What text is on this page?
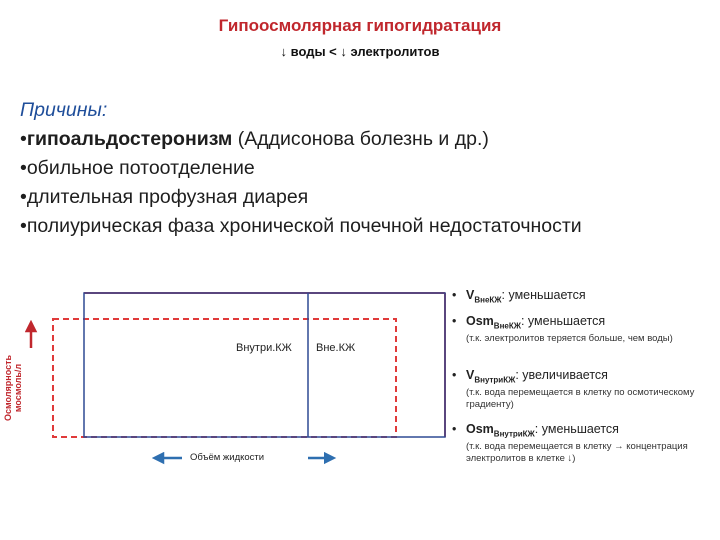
Гипоосмолярная гипогидратация
↓ воды < ↓ электролитов
Причины:
•гипоальдостеронизм (Аддисонова болезнь и др.)
•обильное потоотделение
•длительная профузная диарея
•полиурическая фаза хронической почечной недостаточности
Осмолярность мосмоль/л
Внутри.КЖ Вне.КЖ
Объём жидкости
• $V_{ВнеКЖ}$: уменьшается
• Osm$_{ВнеКЖ}$: уменьшается
(т.к. электролитов теряется больше, чем воды)
• $V_{ВнутриКЖ}$: увеличивается
(т.к. вода перемещается в клетку по осмотическому градиенту)
• Osm$_{ВнутриКЖ}$: уменьшается
(т.к. вода перемещается в клетку → концентрация электролитов в клетке ↓)
